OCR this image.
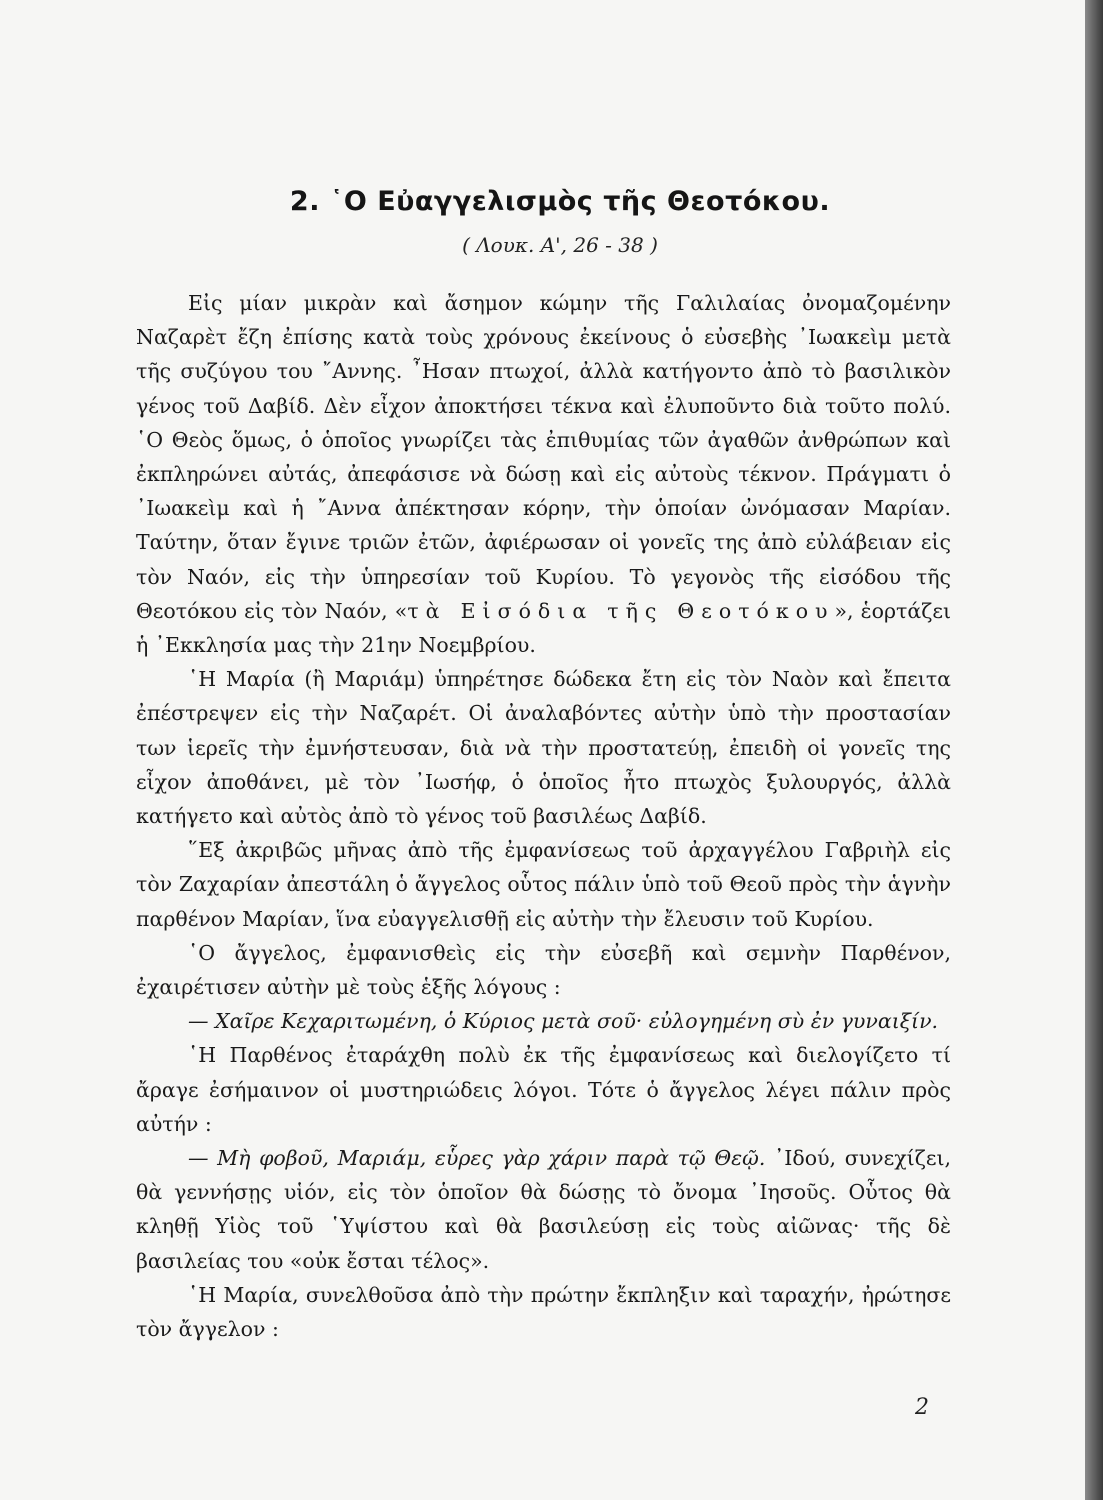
2. ῾Ο Εὐαγγελισμὸς τῆς Θεοτόκου.
( Λουκ. Α', 26 - 38 )

Εἰς μίαν μικρὰν καὶ ἄσημον κώμην τῆς Γαλιλαίας ὀνομαζομένην Ναζαρὲτ ἔζη ἐπίσης κατὰ τοὺς χρόνους ἐκείνους ὁ εὐσεβὴς ᾿Ιωακεὶμ μετὰ τῆς συζύγου του ῎Αννης. ῏Ησαν πτωχοί, ἀλλὰ κατήγοντο ἀπὸ τὸ βασιλικὸν γένος τοῦ Δαβίδ. Δὲν εἶχον ἀποκτήσει τέκνα καὶ ἐλυποῦντο διὰ τοῦτο πολύ. ῾Ο Θεὸς ὅμως, ὁ ὁποῖος γνωρίζει τὰς ἐπιθυμίας τῶν ἀγαθῶν ἀνθρώπων καὶ ἐκπληρώνει αὐτάς, ἀπεφάσισε νὰ δώσῃ καὶ εἰς αὐτοὺς τέκνον. Πράγματι ὁ ᾿Ιωακεὶμ καὶ ἡ ῎Αννα ἀπέκτησαν κόρην, τὴν ὁποίαν ὠνόμασαν Μαρίαν. Ταύτην, ὅταν ἔγινε τριῶν ἐτῶν, ἀφιέρωσαν οἱ γονεῖς της ἀπὸ εὐλάβειαν εἰς τὸν Ναόν, εἰς τὴν ὑπηρεσίαν τοῦ Κυρίου. Τὸ γεγονὸς τῆς εἰσόδου τῆς Θεοτόκου εἰς τὸν Ναόν, «τὰ Εἰσόδια τῆς Θεοτόκου», ἑορτάζει ἡ ᾿Εκκλησία μας τὴν 21ην Νοεμβρίου.

῾Η Μαρία (ἢ Μαριάμ) ὑπηρέτησε δώδεκα ἔτη εἰς τὸν Ναὸν καὶ ἔπειτα ἐπέστρεψεν εἰς τὴν Ναζαρέτ. Οἱ ἀναλαβόντες αὐτὴν ὑπὸ τὴν προστασίαν των ἱερεῖς τὴν ἐμνήστευσαν, διὰ νὰ τὴν προστατεύῃ, ἐπειδὴ οἱ γονεῖς της εἶχον ἀποθάνει, μὲ τὸν ᾿Ιωσήφ, ὁ ὁποῖος ἦτο πτωχὸς ξυλουργός, ἀλλὰ κατήγετο καὶ αὐτὸς ἀπὸ τὸ γένος τοῦ βασιλέως Δαβίδ.

῞Εξ ἀκριβῶς μῆνας ἀπὸ τῆς ἐμφανίσεως τοῦ ἀρχαγγέλου Γαβριὴλ εἰς τὸν Ζαχαρίαν ἀπεστάλη ὁ ἄγγελος οὗτος πάλιν ὑπὸ τοῦ Θεοῦ πρὸς τὴν ἁγνὴν παρθένον Μαρίαν, ἵνα εὐαγγελισθῇ εἰς αὐτὴν τὴν ἔλευσιν τοῦ Κυρίου.

῾Ο ἄγγελος, ἐμφανισθεὶς εἰς τὴν εὐσεβῆ καὶ σεμνὴν Παρθένον, ἐχαιρέτισεν αὐτὴν μὲ τοὺς ἑξῆς λόγους :

— Χαῖρε Κεχαριτωμένη, ὁ Κύριος μετὰ σοῦ· εὐλογημένη σὺ ἐν γυναιξίν.

῾Η Παρθένος ἐταράχθη πολὺ ἐκ τῆς ἐμφανίσεως καὶ διελογίζετο τί ἄραγε ἐσήμαινον οἱ μυστηριώδεις λόγοι. Τότε ὁ ἄγγελος λέγει πάλιν πρὸς αὐτήν :

— Μὴ φοβοῦ, Μαριάμ, εὗρες γὰρ χάριν παρὰ τῷ Θεῷ. ᾿Ιδού, συνεχίζει, θὰ γεννήσῃς υἱόν, εἰς τὸν ὁποῖον θὰ δώσῃς τὸ ὄνομα ᾿Ιησοῦς. Οὗτος θὰ κληθῇ Υἱὸς τοῦ ῾Υψίστου καὶ θὰ βασιλεύσῃ εἰς τοὺς αἰῶνας· τῆς δὲ βασιλείας του «οὐκ ἔσται τέλος».

῾Η Μαρία, συνελθοῦσα ἀπὸ τὴν πρώτην ἔκπληξιν καὶ ταραχήν, ἠρώτησε τὸν ἄγγελον :

2
